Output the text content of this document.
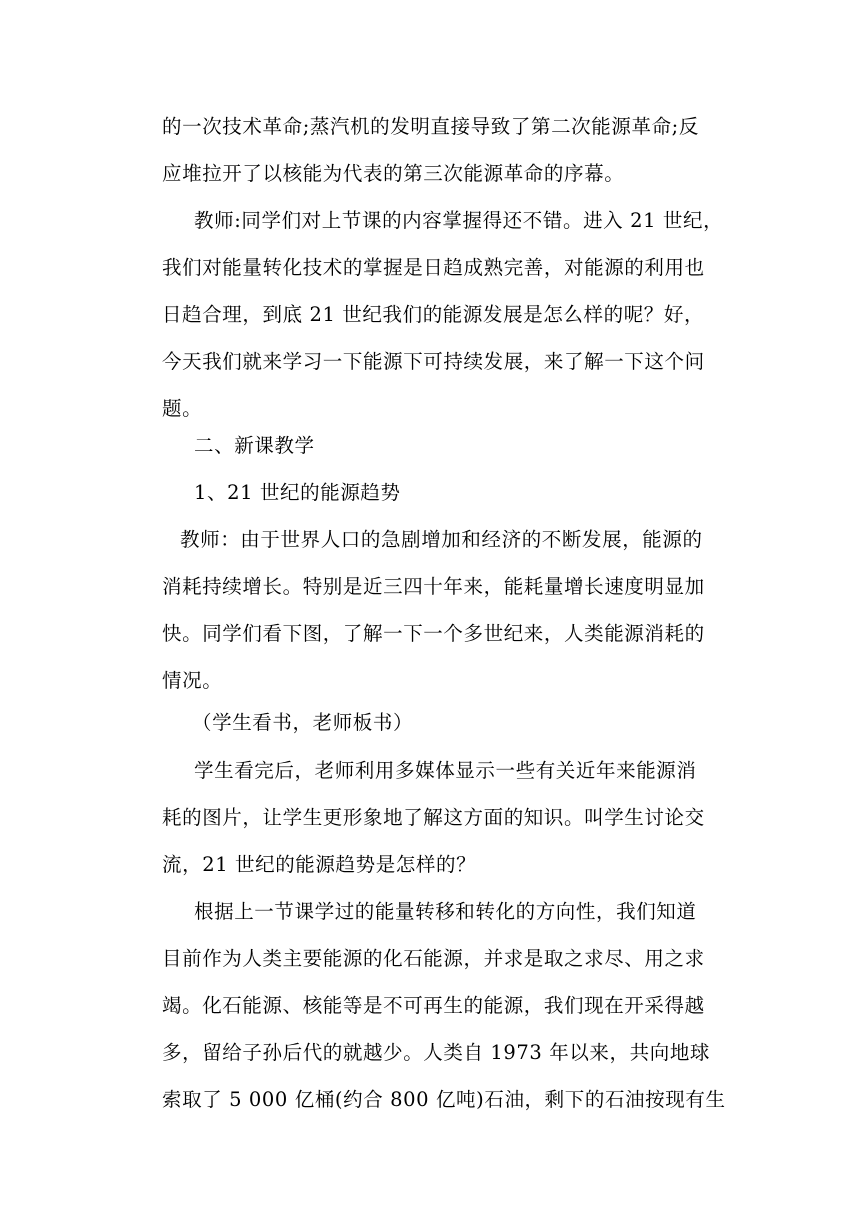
的一次技术革命;蒸汽机的发明直接导致了第二次能源革命;反
应堆拉开了以核能为代表的第三次能源革命的序幕。
教师:同学们对上节课的内容掌握得还不错。进入 21 世纪，
我们对能量转化技术的掌握是日趋成熟完善，对能源的利用也
日趋合理，到底 21 世纪我们的能源发展是怎么样的呢？好，
今天我们就来学习一下能源下可持续发展，来了解一下这个问
题。
二、新课教学
1、21 世纪的能源趋势
教师：由于世界人口的急剧增加和经济的不断发展，能源的
消耗持续增长。特别是近三四十年来，能耗量增长速度明显加
快。同学们看下图，了解一下一个多世纪来，人类能源消耗的
情况。
（学生看书，老师板书）
学生看完后，老师利用多媒体显示一些有关近年来能源消
耗的图片，让学生更形象地了解这方面的知识。叫学生讨论交
流，21 世纪的能源趋势是怎样的？
根据上一节课学过的能量转移和转化的方向性，我们知道
目前作为人类主要能源的化石能源，并求是取之求尽、用之求
竭。化石能源、核能等是不可再生的能源，我们现在开采得越
多，留给子孙后代的就越少。人类自 1973 年以来，共向地球
索取了 5 000 亿桶(约合 800 亿吨)石油，剩下的石油按现有生
